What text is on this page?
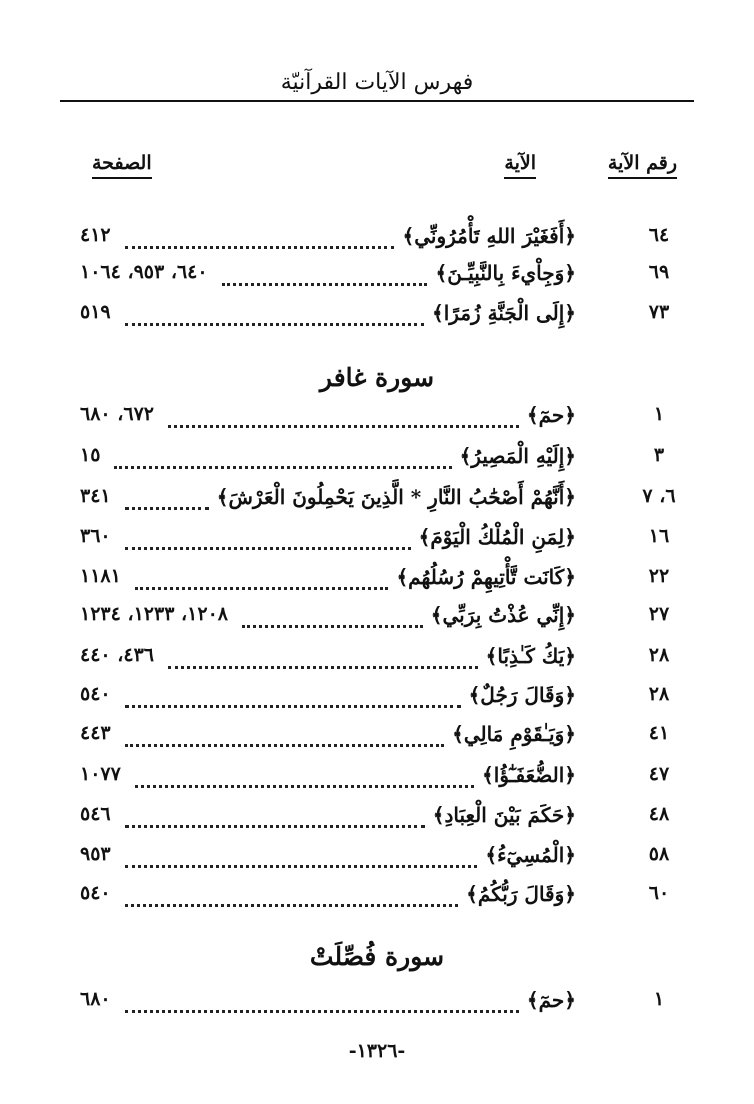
فهرس الآيات القرآنيّة
رقم الآية
الآية
الصفحة
٦٤
﴿أَفَغَيْرَ اللهِ تَأْمُرُونِّي﴾
٤١٢
٦٩
﴿وَجِاْيءَ بِالنَّبِيِّـنَ﴾
٦٤٠، ٩٥٣، ١٠٦٤
٧٣
﴿إِلَى الْجَنَّةِ زُمَرًا﴾
٥١٩
سورة غافر
١
﴿حمٓ﴾
٦٧٢، ٦٨٠
٣
﴿إِلَيْهِ الْمَصِيرُ﴾
١٥
٦، ٧
﴿أَنَّهُمْ أَصْحَٰبُ النَّارِ * الَّذِينَ يَحْمِلُونَ الْعَرْشَ﴾
٣٤١
١٦
﴿لِمَنِ الْمُلْكُ الْيَوْمَ﴾
٣٦٠
٢٢
﴿كَانَت تَّأْتِيهِمْ رُسُلُهُم﴾
١١٨١
٢٧
﴿إِنِّي عُذْتُ بِرَبِّي﴾
١٢٠٨، ١٢٣٣، ١٢٣٤
٢٨
﴿يَكُ كَـٰذِبًا﴾
٤٣٦، ٤٤٠
٢٨
﴿وَقَالَ رَجُلٌ﴾
٥٤٠
٤١
﴿وَيَـٰقَوْمِ مَالِي﴾
٤٤٣
٤٧
﴿الضُّعَفَـٰٓؤُا﴾
١٠٧٧
٤٨
﴿حَكَمَ بَيْنَ الْعِبَادِ﴾
٥٤٦
٥٨
﴿الْمُسِيٓءُ﴾
٩٥٣
٦٠
﴿وَقَالَ رَبُّكُمُ﴾
٥٤٠
سورة فُصِّلَتْ
١
﴿حمٓ﴾
٦٨٠
-١٣٢٦-
